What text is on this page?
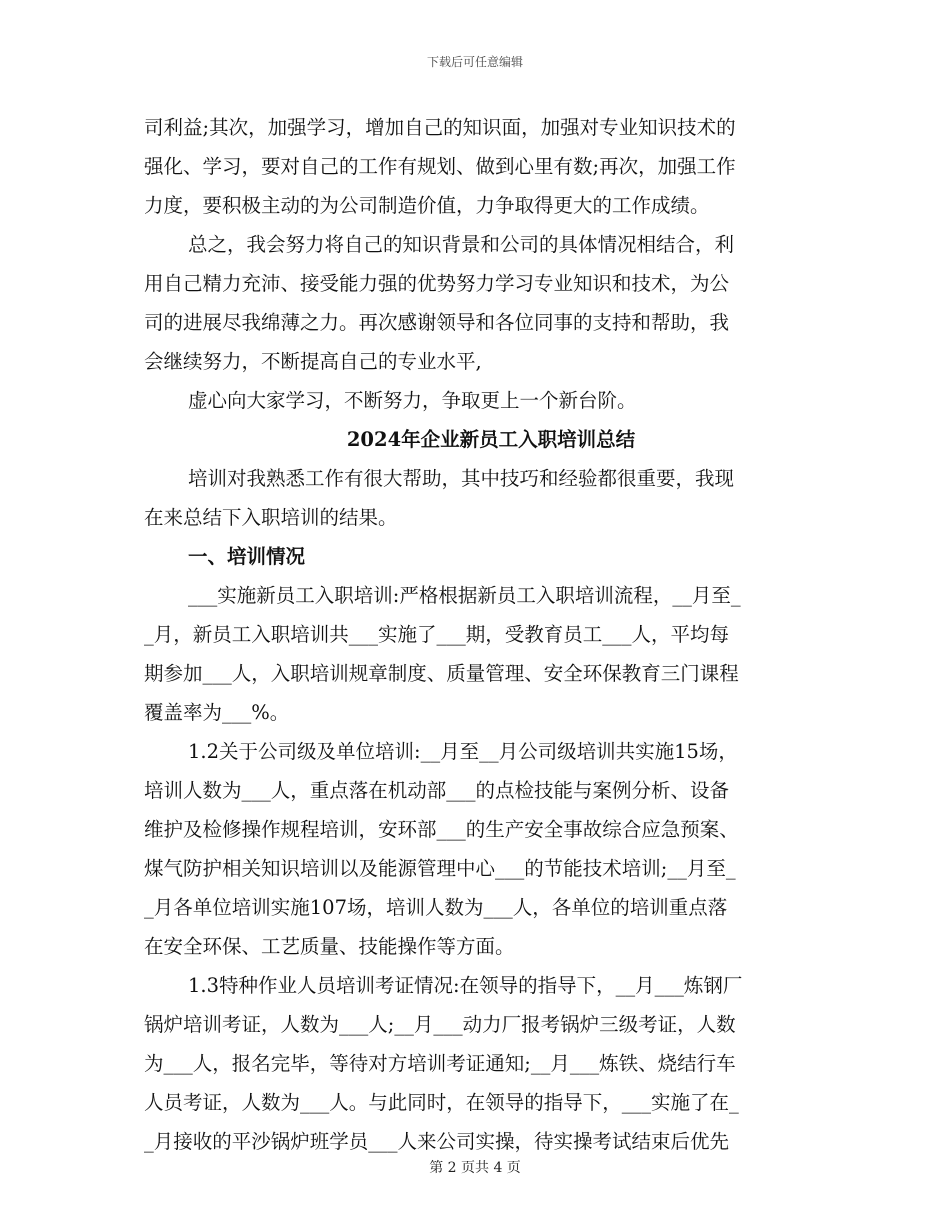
下载后可任意编辑

司利益;其次，加强学习，增加自己的知识面，加强对专业知识技术的

强化、学习，要对自己的工作有规划、做到心里有数;再次，加强工作

力度，要积极主动的为公司制造价值，力争取得更大的工作成绩。

总之，我会努力将自己的知识背景和公司的具体情况相结合，利

用自己精力充沛、接受能力强的优势努力学习专业知识和技术，为公

司的进展尽我绵薄之力。再次感谢领导和各位同事的支持和帮助，我

会继续努力，不断提高自己的专业水平,

虚心向大家学习，不断努力，争取更上一个新台阶。

2024年企业新员工入职培训总结

培训对我熟悉工作有很大帮助，其中技巧和经验都很重要，我现

在来总结下入职培训的结果。

一、培训情况

___实施新员工入职培训:严格根据新员工入职培训流程，__月至_

_月，新员工入职培训共___实施了___期，受教育员工___人，平均每

期参加___人，入职培训规章制度、质量管理、安全环保教育三门课程

覆盖率为___%。

1.2关于公司级及单位培训:__月至__月公司级培训共实施15场，

培训人数为___人，重点落在机动部___的点检技能与案例分析、设备

维护及检修操作规程培训，安环部___的生产安全事故综合应急预案、

煤气防护相关知识培训以及能源管理中心___的节能技术培训;__月至_

_月各单位培训实施107场，培训人数为___人，各单位的培训重点落

在安全环保、工艺质量、技能操作等方面。

1.3特种作业人员培训考证情况:在领导的指导下，__月___炼钢厂

锅炉培训考证，人数为___人;__月___动力厂报考锅炉三级考证，人数

为___人，报名完毕，等待对方培训考证通知;__月___炼铁、烧结行车

人员考证，人数为___人。与此同时，在领导的指导下，___实施了在_

_月接收的平沙锅炉班学员___人来公司实操，待实操考试结束后优先

第 2 页共 4 页
